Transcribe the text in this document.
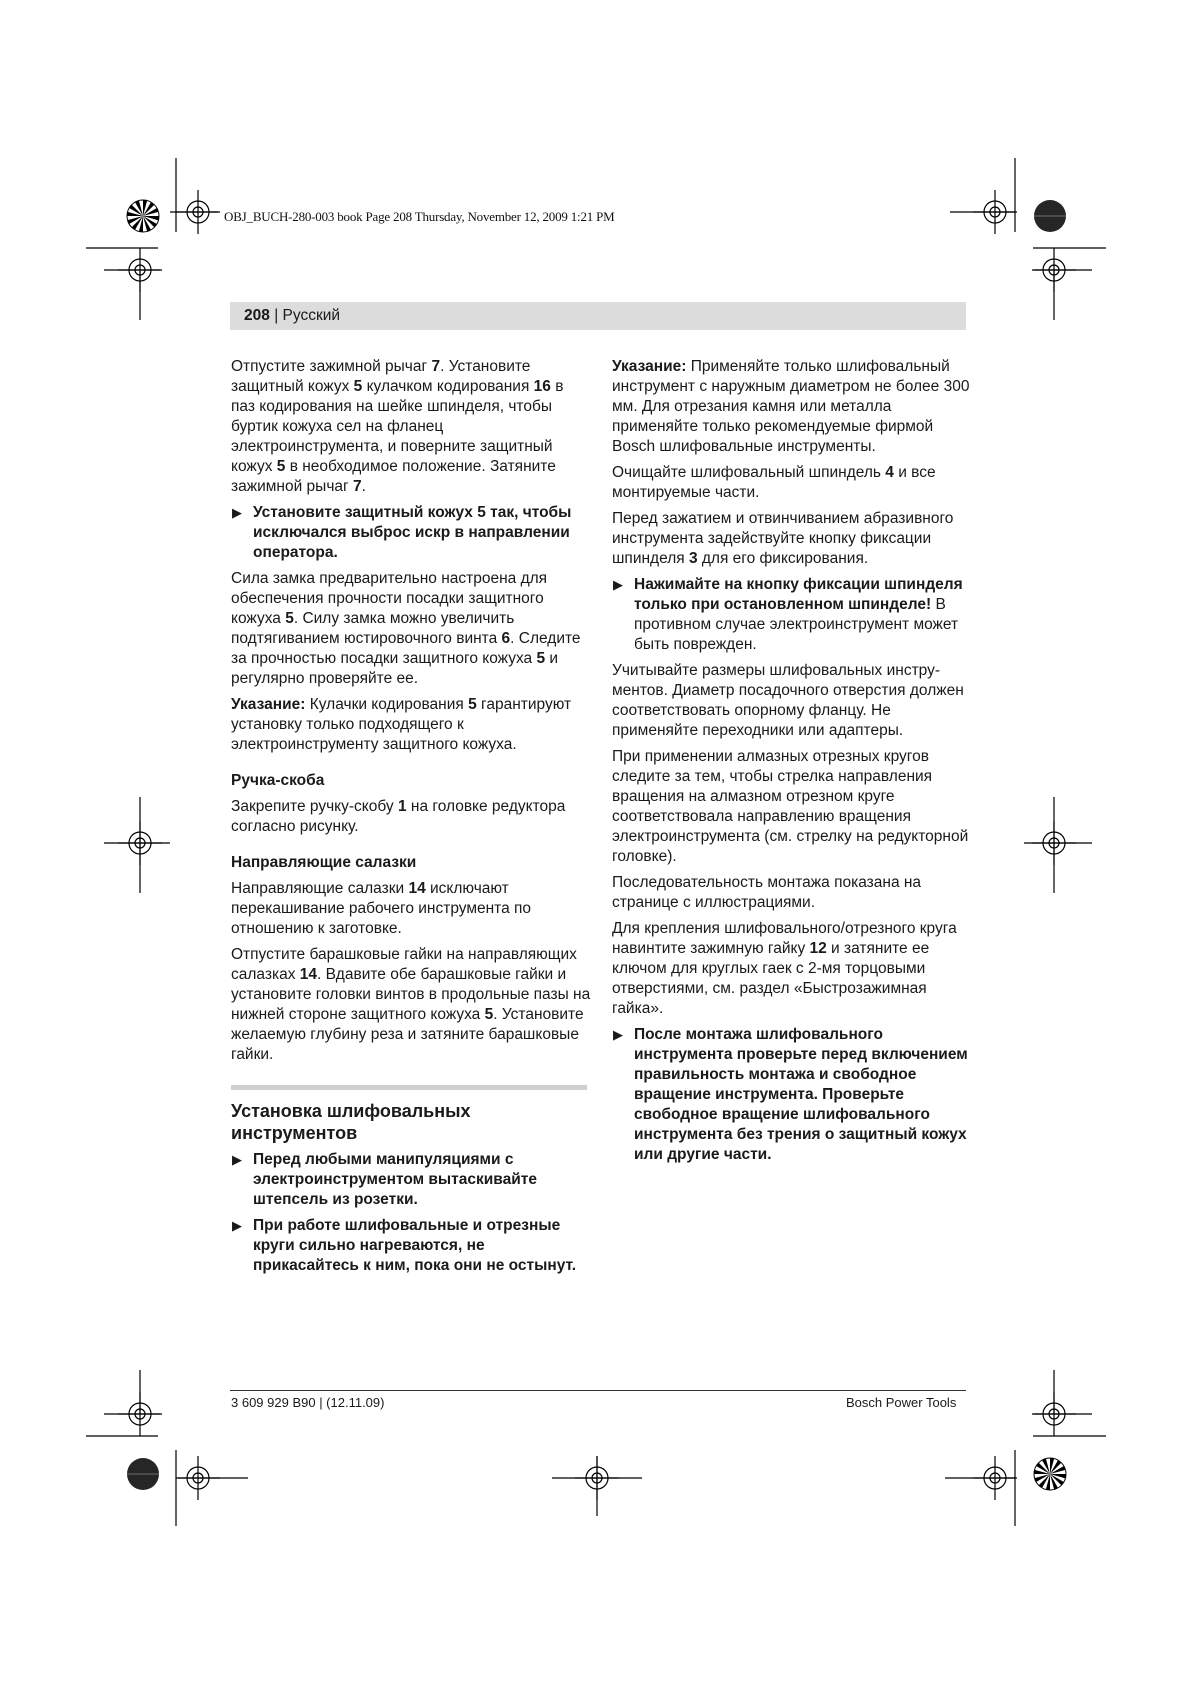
OBJ_BUCH-280-003 book Page 208 Thursday, November 12, 2009 1:21 PM
208 | Русский

Отпустите зажимной рычаг 7. Установите защитный кожух 5 кулачком кодирования 16 в паз кодирования на шейке шпинделя, чтобы буртик кожуха сел на фланец электроинструмента, и поверните защитный кожух 5 в необходимое положение. Затяните зажимной рычаг 7.

▶ Установите защитный кожух 5 так, чтобы исключался выброс искр в направлении оператора.

Сила замка предварительно настроена для обеспечения прочности посадки защитного кожуха 5. Силу замка можно увеличить подтягиванием юстировочного винта 6. Следите за прочностью посадки защитного кожуха 5 и регулярно проверяйте ее.

Указание: Кулачки кодирования 5 гарантируют установку только подходящего к электроинструменту защитного кожуха.

Ручка-скоба

Закрепите ручку-скобу 1 на головке редуктора согласно рисунку.

Направляющие салазки

Направляющие салазки 14 исключают перекашивание рабочего инструмента по отношению к заготовке.

Отпустите барашковые гайки на направляющих салазках 14. Вдавите обе барашковые гайки и установите головки винтов в продольные пазы на нижней стороне защитного кожуха 5. Установите желаемую глубину реза и затяните барашковые гайки.

Установка шлифовальных инструментов

▶ Перед любыми манипуляциями с электроинструментом вытаскивайте штепсель из розетки.

▶ При работе шлифовальные и отрезные круги сильно нагреваются, не прикасайтесь к ним, пока они не остынут.

Указание: Применяйте только шлифовальный инструмент с наружным диаметром не более 300 мм. Для отрезания камня или металла применяйте только рекомендуемые фирмой Bosch шлифовальные инструменты.

Очищайте шлифовальный шпиндель 4 и все монтируемые части.

Перед зажатием и отвинчиванием абразивного инструмента задействуйте кнопку фиксации шпинделя 3 для его фиксирования.

▶ Нажимайте на кнопку фиксации шпинделя только при остановленном шпинделе! В противном случае электроинструмент может быть поврежден.

Учитывайте размеры шлифовальных инстру-ментов. Диаметр посадочного отверстия должен соответствовать опорному фланцу. Не применяйте переходники или адаптеры.

При применении алмазных отрезных кругов следите за тем, чтобы стрелка направления вращения на алмазном отрезном круге соответствовала направлению вращения электроинструмента (см. стрелку на редукторной головке).

Последовательность монтажа показана на странице с иллюстрациями.

Для крепления шлифовального/отрезного круга навинтите зажимную гайку 12 и затяните ее ключом для круглых гаек с 2-мя торцовыми отверстиями, см. раздел «Быстрозажимная гайка».

▶ После монтажа шлифовального инструмента проверьте перед включением правильность монтажа и свободное вращение инструмента. Проверьте свободное вращение шлифовального инструмента без трения о защитный кожух или другие части.

3 609 929 B90 | (12.11.09)	Bosch Power Tools
